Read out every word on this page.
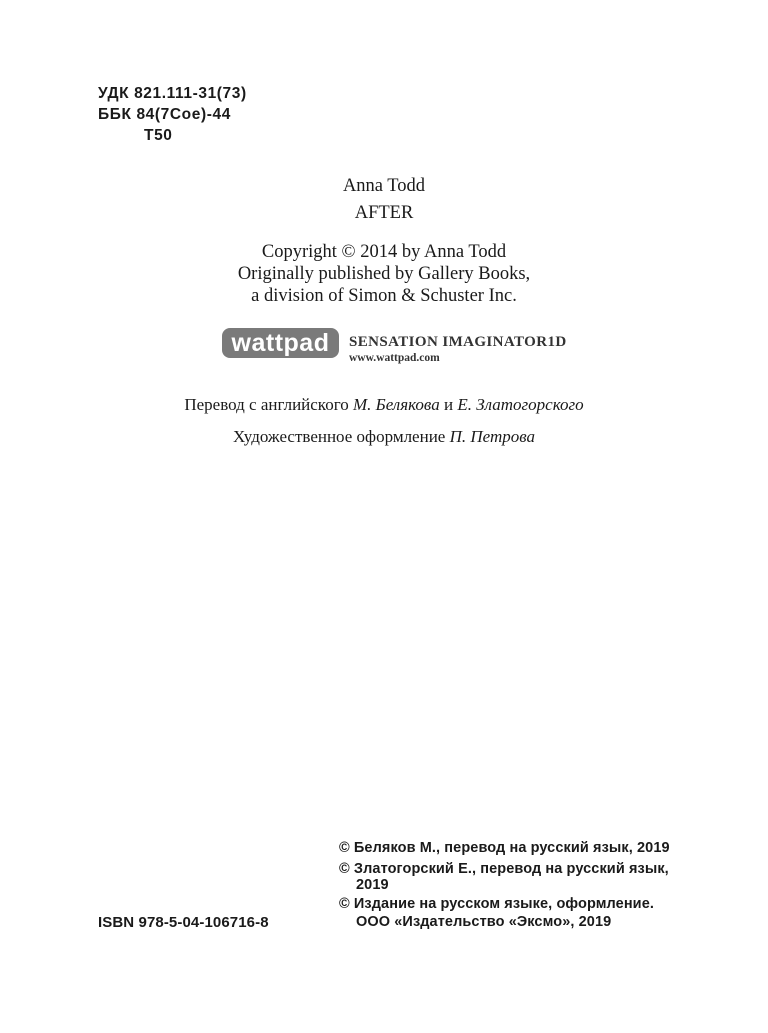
УДК 821.111-31(73)
ББК 84(7Сое)-44
Т50
Anna Todd
AFTER
Copyright © 2014 by Anna Todd
Originally published by Gallery Books,
a division of Simon & Schuster Inc.
wattpad	SENSATION IMAGINATOR1D
www.wattpad.com
Перевод с английского М. Белякова и Е. Златогорского
Художественное оформление П. Петрова
© Беляков М., перевод на русский язык, 2019
© Златогорский Е., перевод на русский язык,
2019
© Издание на русском языке, оформление.
ООО «Издательство «Эксмо», 2019
ISBN 978-5-04-106716-8
